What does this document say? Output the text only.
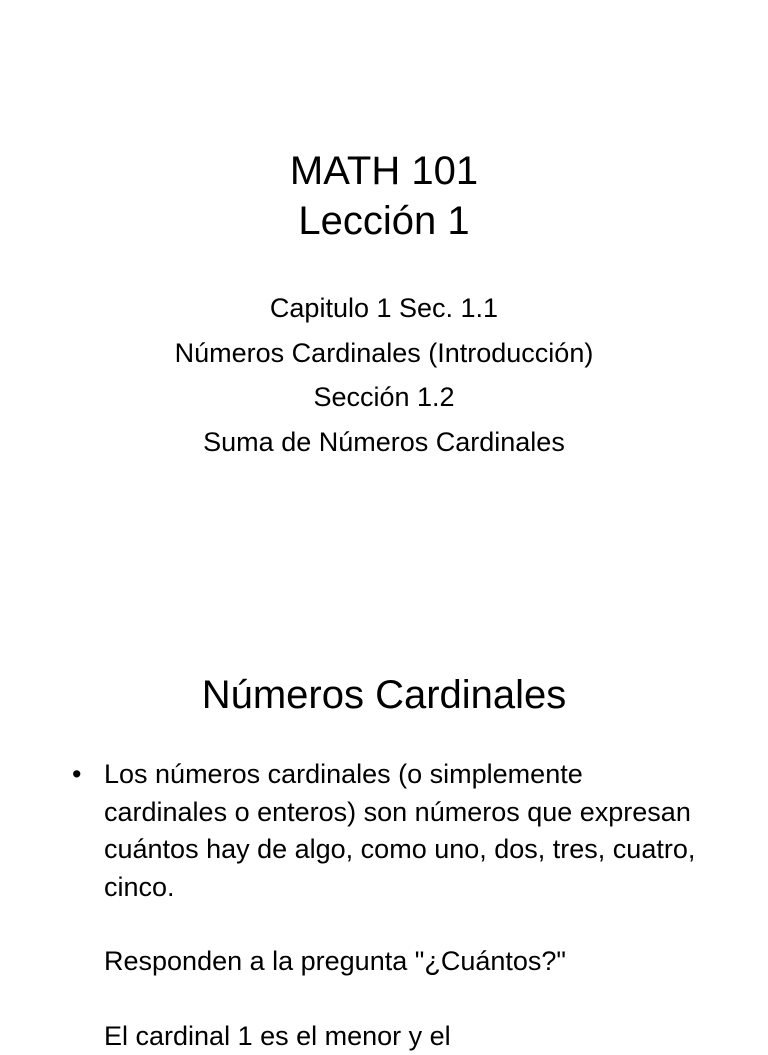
MATH 101
Lección 1
Capitulo 1 Sec. 1.1
Números Cardinales (Introducción)
Sección 1.2
Suma de Números Cardinales
Números Cardinales
• Los números cardinales (o simplemente cardinales o enteros) son números que expresan cuántos hay de algo, como uno, dos, tres, cuatro, cinco.
Responden a la pregunta "¿Cuántos?"
El cardinal 1 es el menor y el
